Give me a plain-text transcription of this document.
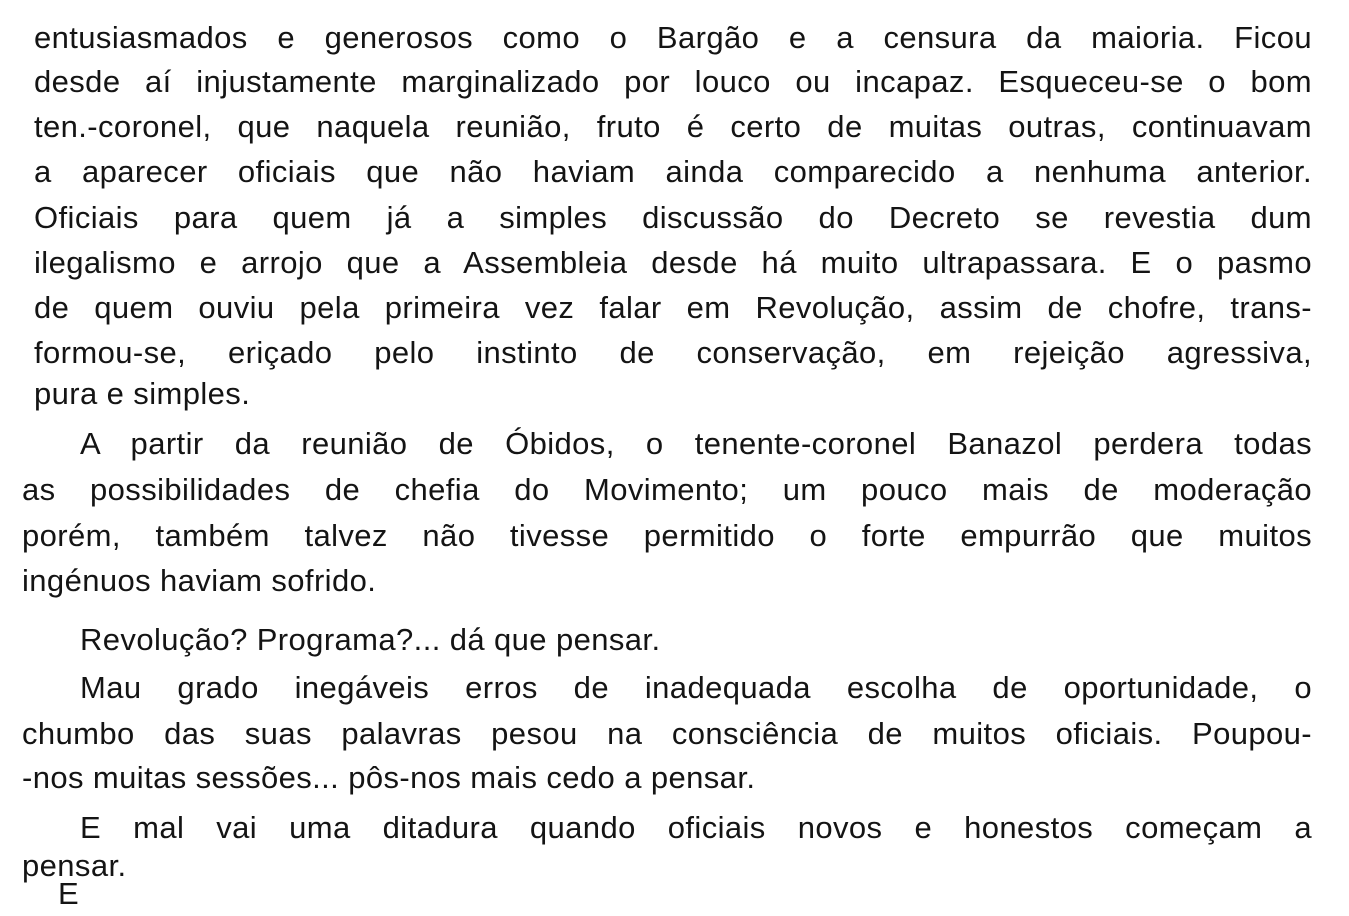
entusiasmados e generosos como o Bargão e a censura da maioria. Ficou
desde aí injustamente marginalizado por louco ou incapaz. Esqueceu-se o bom
ten.-coronel, que naquela reunião, fruto é certo de muitas outras, continuavam
a aparecer oficiais que não haviam ainda comparecido a nenhuma anterior.
Oficiais para quem já a simples discussão do Decreto se revestia dum
ilegalismo e arrojo que a Assembleia desde há muito ultrapassara. E o pasmo
de quem ouviu pela primeira vez falar em Revolução, assim de chofre, trans-
formou-se, eriçado pelo instinto de conservação, em rejeição agressiva,
pura e simples.
A partir da reunião de Óbidos, o tenente-coronel Banazol perdera todas
as possibilidades de chefia do Movimento; um pouco mais de moderação
porém, também talvez não tivesse permitido o forte empurrão que muitos
ingénuos haviam sofrido.
Revolução? Programa?... dá que pensar.
Mau grado inegáveis erros de inadequada escolha de oportunidade, o
chumbo das suas palavras pesou na consciência de muitos oficiais. Poupou-
-nos muitas sessões... pôs-nos mais cedo a pensar.
E mal vai uma ditadura quando oficiais novos e honestos começam a
pensar.
E
